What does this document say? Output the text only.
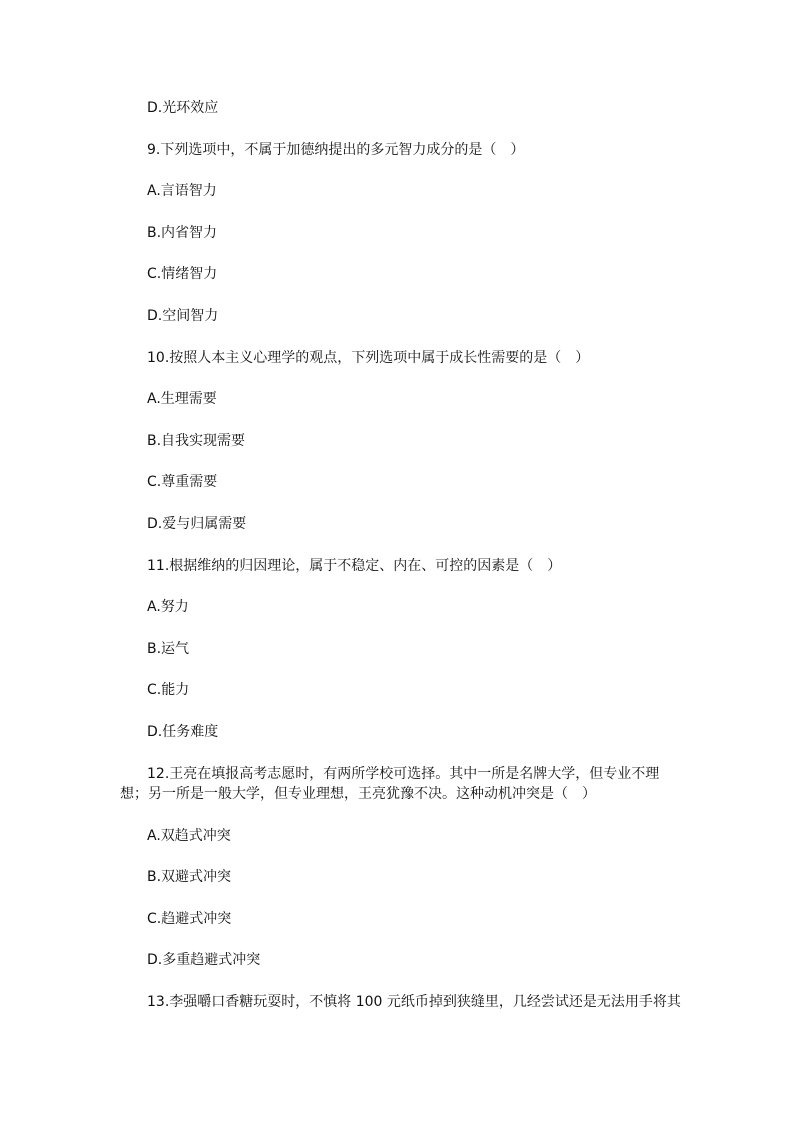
D.光环效应
9.下列选项中，不属于加德纳提出的多元智力成分的是（　）
A.言语智力
B.内省智力
C.情绪智力
D.空间智力
10.按照人本主义心理学的观点，下列选项中属于成长性需要的是（　）
A.生理需要
B.自我实现需要
C.尊重需要
D.爱与归属需要
11.根据维纳的归因理论，属于不稳定、内在、可控的因素是（　）
A.努力
B.运气
C.能力
D.任务难度
12.王亮在填报高考志愿时，有两所学校可选择。其中一所是名牌大学，但专业不理想；另一所是一般大学，但专业理想，王亮犹豫不决。这种动机冲突是（　）
A.双趋式冲突
B.双避式冲突
C.趋避式冲突
D.多重趋避式冲突
13.李强嚼口香糖玩耍时，不慎将 100 元纸币掉到狭缝里，几经尝试还是无法用手将其
